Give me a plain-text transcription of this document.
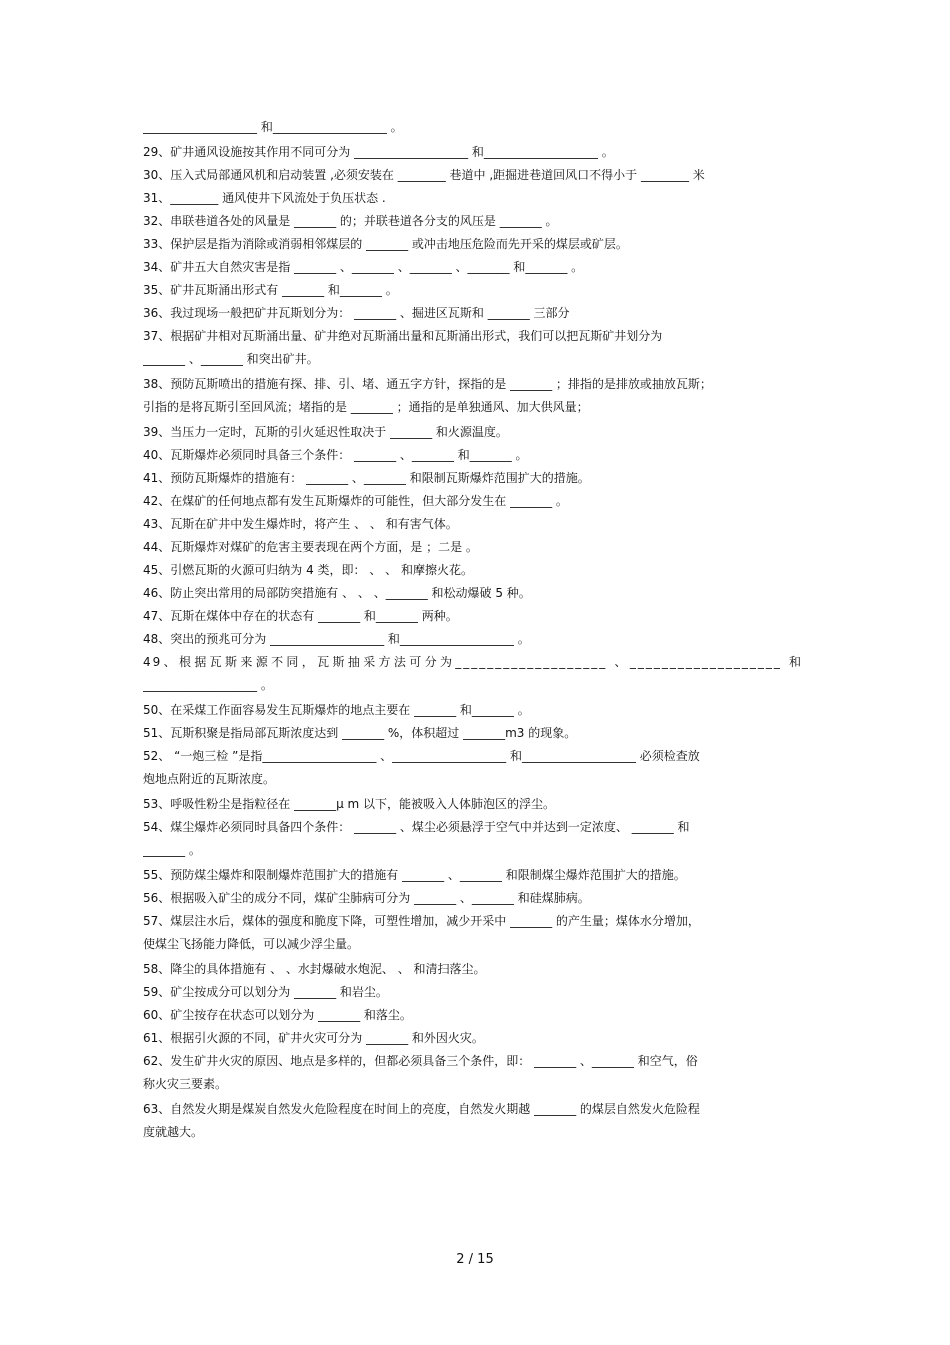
___________________ 和___________________ 。
29、矿井通风设施按其作用不同可分为 ___________________ 和___________________ 。
30、压入式局部通风机和启动装置 ,必须安装在 ________ 巷道中 ,距掘进巷道回风口不得小于 ________ 米
31、________ 通风使井下风流处于负压状态 .
32、串联巷道各处的风量是 _______ 的；并联巷道各分支的风压是 _______ 。
33、保护层是指为消除或消弱相邻煤层的 _______ 或冲击地压危险而先开采的煤层或矿层。
34、矿井五大自然灾害是指 _______ 、_______ 、_______ 、_______ 和_______ 。
35、矿井瓦斯涌出形式有 _______ 和_______ 。
36、我过现场一般把矿井瓦斯划分为： _______ 、掘进区瓦斯和 _______ 三部分
37、根据矿井相对瓦斯涌出量、矿井绝对瓦斯涌出量和瓦斯涌出形式，我们可以把瓦斯矿井划分为
_______ 、_______ 和突出矿井。
38、预防瓦斯喷出的措施有探、排、引、堵、通五字方针，探指的是 _______ ；排指的是排放或抽放瓦斯；
引指的是将瓦斯引至回风流；堵指的是 _______ ；通指的是单独通风、加大供风量；
39、当压力一定时，瓦斯的引火延迟性取决于 _______ 和火源温度。
40、瓦斯爆炸必须同时具备三个条件： _______ 、_______ 和_______ 。
41、预防瓦斯爆炸的措施有： _______ 、_______ 和限制瓦斯爆炸范围扩大的措施。
42、在煤矿的任何地点都有发生瓦斯爆炸的可能性，但大部分发生在 _______ 。
43、瓦斯在矿井中发生爆炸时，将产生 、 、 和有害气体。
44、瓦斯爆炸对煤矿的危害主要表现在两个方面，是 ；二是 。
45、引燃瓦斯的火源可归纳为 4 类，即： 、 、 和摩擦火花。
46、防止突出常用的局部防突措施有 、 、 、_______ 和松动爆破 5 种。
47、瓦斯在煤体中存在的状态有 _______ 和_______ 两种。
48、突出的预兆可分为 ___________________ 和___________________ 。
49、根据瓦斯来源不同，瓦斯抽采方法可分为___________________ 、___________________ 和
___________________ 。
50、在采煤工作面容易发生瓦斯爆炸的地点主要在 _______ 和_______ 。
51、瓦斯积聚是指局部瓦斯浓度达到 _______ %，体积超过 _______m3 的现象。
52、 “一炮三检 ”是指___________________ 、___________________ 和___________________ 必须检查放
炮地点附近的瓦斯浓度。
53、呼吸性粉尘是指粒径在 _______μ m 以下，能被吸入人体肺泡区的浮尘。
54、煤尘爆炸必须同时具备四个条件： _______ 、煤尘必须悬浮于空气中并达到一定浓度、 _______ 和
_______ 。
55、预防煤尘爆炸和限制爆炸范围扩大的措施有 _______ 、_______ 和限制煤尘爆炸范围扩大的措施。
56、根据吸入矿尘的成分不同，煤矿尘肺病可分为 _______ 、_______ 和硅煤肺病。
57、煤层注水后，煤体的强度和脆度下降，可塑性增加，减少开采中 _______ 的产生量；煤体水分增加，
使煤尘飞扬能力降低，可以减少浮尘量。
58、降尘的具体措施有 、 、水封爆破水炮泥、 、 和清扫落尘。
59、矿尘按成分可以划分为 _______ 和岩尘。
60、矿尘按存在状态可以划分为 _______ 和落尘。
61、根据引火源的不同，矿井火灾可分为 _______ 和外因火灾。
62、发生矿井火灾的原因、地点是多样的，但都必须具备三个条件，即： _______ 、_______ 和空气，俗
称火灾三要素。
63、自然发火期是煤炭自然发火危险程度在时间上的亮度，自然发火期越 _______ 的煤层自然发火危险程
度就越大。
2 / 15
